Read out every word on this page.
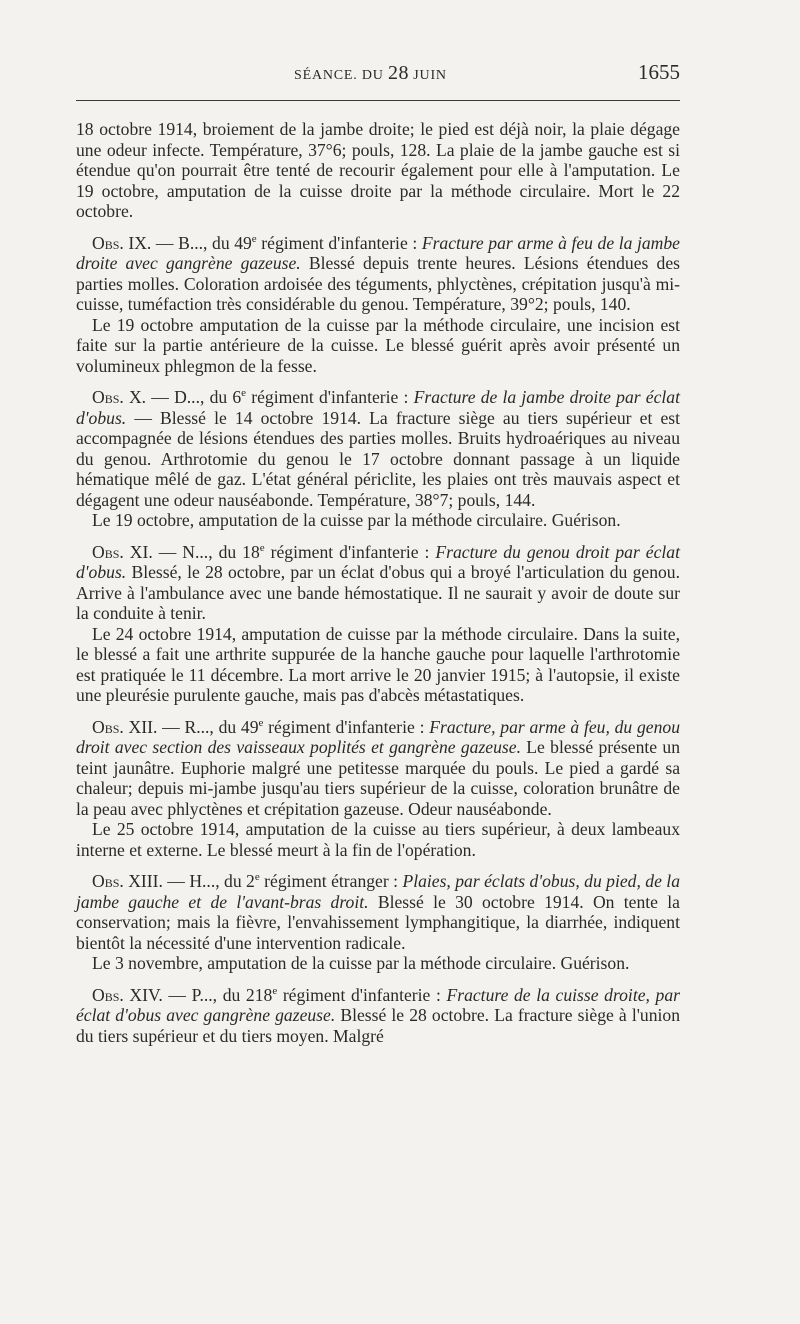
SÉANCE. DU 28 JUIN	1655

18 octobre 1914, broiement de la jambe droite; le pied est déjà noir, la plaie dégage une odeur infecte. Température, 37°6; pouls, 128. La plaie de la jambe gauche est si étendue qu'on pourrait être tenté de recourir également pour elle à l'amputation. Le 19 octobre, amputation de la cuisse droite par la méthode circulaire. Mort le 22 octobre.

Obs. IX. — B..., du 49e régiment d'infanterie : Fracture par arme à feu de la jambe droite avec gangrène gazeuse. Blessé depuis trente heures. Lésions étendues des parties molles. Coloration ardoisée des téguments, phlyctènes, crépitation jusqu'à mi-cuisse, tuméfaction très considérable du genou. Température, 39°2; pouls, 140.

Le 19 octobre amputation de la cuisse par la méthode circulaire, une incision est faite sur la partie antérieure de la cuisse. Le blessé guérit après avoir présenté un volumineux phlegmon de la fesse.

Obs. X. — D..., du 6e régiment d'infanterie : Fracture de la jambe droite par éclat d'obus. — Blessé le 14 octobre 1914. La fracture siège au tiers supérieur et est accompagnée de lésions étendues des parties molles. Bruits hydroaériques au niveau du genou. Arthrotomie du genou le 17 octobre donnant passage à un liquide hématique mêlé de gaz. L'état général périclite, les plaies ont très mauvais aspect et dégagent une odeur nauséabonde. Température, 38°7; pouls, 144.

Le 19 octobre, amputation de la cuisse par la méthode circulaire. Guérison.

Obs. XI. — N..., du 18e régiment d'infanterie : Fracture du genou droit par éclat d'obus. Blessé, le 28 octobre, par un éclat d'obus qui a broyé l'articulation du genou. Arrive à l'ambulance avec une bande hémostatique. Il ne saurait y avoir de doute sur la conduite à tenir.

Le 24 octobre 1914, amputation de cuisse par la méthode circulaire. Dans la suite, le blessé a fait une arthrite suppurée de la hanche gauche pour laquelle l'arthrotomie est pratiquée le 11 décembre. La mort arrive le 20 janvier 1915; à l'autopsie, il existe une pleurésie purulente gauche, mais pas d'abcès métastatiques.

Obs. XII. — R..., du 49e régiment d'infanterie : Fracture, par arme à feu, du genou droit avec section des vaisseaux poplités et gangrène gazeuse. Le blessé présente un teint jaunâtre. Euphorie malgré une petitesse marquée du pouls. Le pied a gardé sa chaleur; depuis mi-jambe jusqu'au tiers supérieur de la cuisse, coloration brunâtre de la peau avec phlyctènes et crépitation gazeuse. Odeur nauséabonde.

Le 25 octobre 1914, amputation de la cuisse au tiers supérieur, à deux lambeaux interne et externe. Le blessé meurt à la fin de l'opération.

Obs. XIII. — H..., du 2e régiment étranger : Plaies, par éclats d'obus, du pied, de la jambe gauche et de l'avant-bras droit. Blessé le 30 octobre 1914. On tente la conservation; mais la fièvre, l'envahissement lymphangitique, la diarrhée, indiquent bientôt la nécessité d'une intervention radicale.

Le 3 novembre, amputation de la cuisse par la méthode circulaire. Guérison.

Obs. XIV. — P..., du 218e régiment d'infanterie : Fracture de la cuisse droite, par éclat d'obus avec gangrène gazeuse. Blessé le 28 octobre. La fracture siège à l'union du tiers supérieur et du tiers moyen. Malgré
